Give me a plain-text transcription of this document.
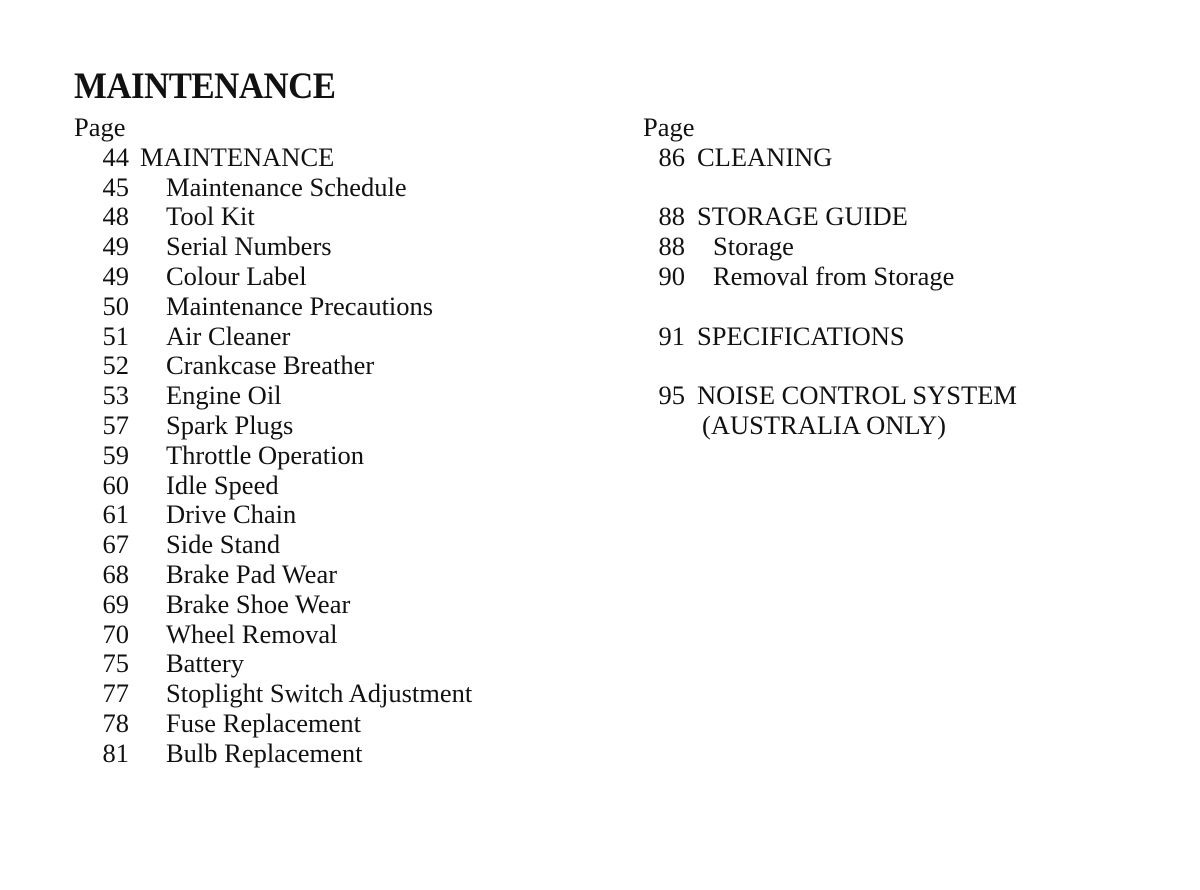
MAINTENANCE
Page
44 MAINTENANCE
45	Maintenance Schedule
48	Tool Kit
49	Serial Numbers
49	Colour Label
50	Maintenance Precautions
51	Air Cleaner
52	Crankcase Breather
53	Engine Oil
57	Spark Plugs
59	Throttle Operation
60	Idle Speed
61	Drive Chain
67	Side Stand
68	Brake Pad Wear
69	Brake Shoe Wear
70	Wheel Removal
75	Battery
77	Stoplight Switch Adjustment
78	Fuse Replacement
81	Bulb Replacement
Page
86 CLEANING
88 STORAGE GUIDE
88	Storage
90	Removal from Storage
91 SPECIFICATIONS
95 NOISE CONTROL SYSTEM
(AUSTRALIA ONLY)
